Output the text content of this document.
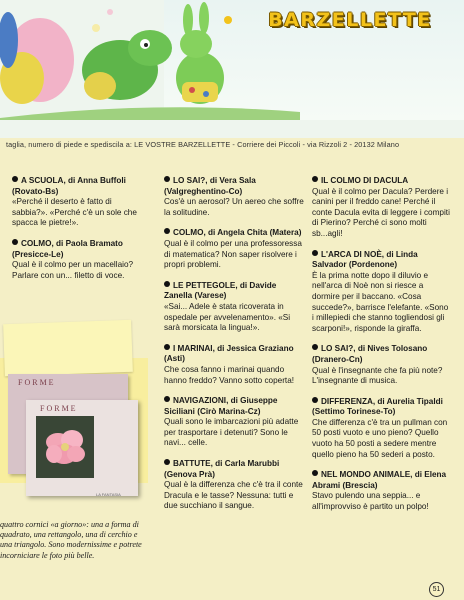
BARZELLETTE
taglia, numero di piede e spediscila a: LE VOSTRE BARZELLETTE - Corriere dei Piccoli - via Rizzoli 2 - 20132 Milano
A SCUOLA, di Anna Buffoli (Rovato-Bs)

«Perché il deserto è fatto di sabbia?». «Perché c'è un sole che spacca le pietre!».

COLMO, di Paola Bramato (Presicce-Le)

Qual è il colmo per un macellaio? Parlare con un... filetto di voce.

LO SAI?, di Vera Sala (Valgreghentino-Co)

Cos'è un aerosol? Un aereo che soffre la solitudine.

COLMO, di Angela Chita (Matera)

Qual è il colmo per una professoressa di matematica? Non saper risolvere i propri problemi.

LE PETTEGOLE, di Davide Zanella (Varese)

«Sai... Adele è stata ricoverata in ospedale per avvelenamento». «Si sarà morsicata la lingua!».

I MARINAI, di Jessica Graziano (Asti)

Che cosa fanno i marinai quando hanno freddo? Vanno sotto coperta!

NAVIGAZIONI, di Giuseppe Siciliani (Cirò Marina-Cz)

Quali sono le imbarcazioni più adatte per trasportare i detenuti? Sono le navi... celle.

BATTUTE, di Carla Marubbi (Genova Prà)

Qual è la differenza che c'è tra il conte Dracula e le tasse? Nessuna: tutti e due succhiano il sangue.

IL COLMO DI DACULA

Qual è il colmo per Dacula? Perdere i canini per il freddo cane! Perché il conte Dacula evita di leggere i compiti di Pierino? Perché ci sono molti sb...agli!

L'ARCA DI NOÈ, di Linda Salvador (Pordenone)

È la prima notte dopo il diluvio e nell'arca di Noè non si riesce a dormire per il baccano. «Cosa succede?», barrisce l'elefante. «Sono i millepiedi che stanno togliendosi gli scarponi!», risponde la giraffa.

LO SAI?, di Nives Tolosano (Dranero-Cn)

Qual è l'insegnante che fa più note? L'insegnante di musica.

DIFFERENZA, di Aurelia Tipaldi (Settimo Torinese-To)

Che differenza c'è tra un pullman con 50 posti vuoto e uno pieno? Quello vuoto ha 50 posti a sedere mentre quello pieno ha 50 sederi a posto.

NEL MONDO ANIMALE, di Elena Abrami (Brescia)

Stavo pulendo una seppia... e all'improvviso è partito un polpo!

FORME
LA FANTASIA
FORME
quattro cornici «a giorno»: una a forma di quadrato, una rettangolo, una di cerchio e una triangolo. Sono modernissime e potrete incorniciare le foto più belle.
51
